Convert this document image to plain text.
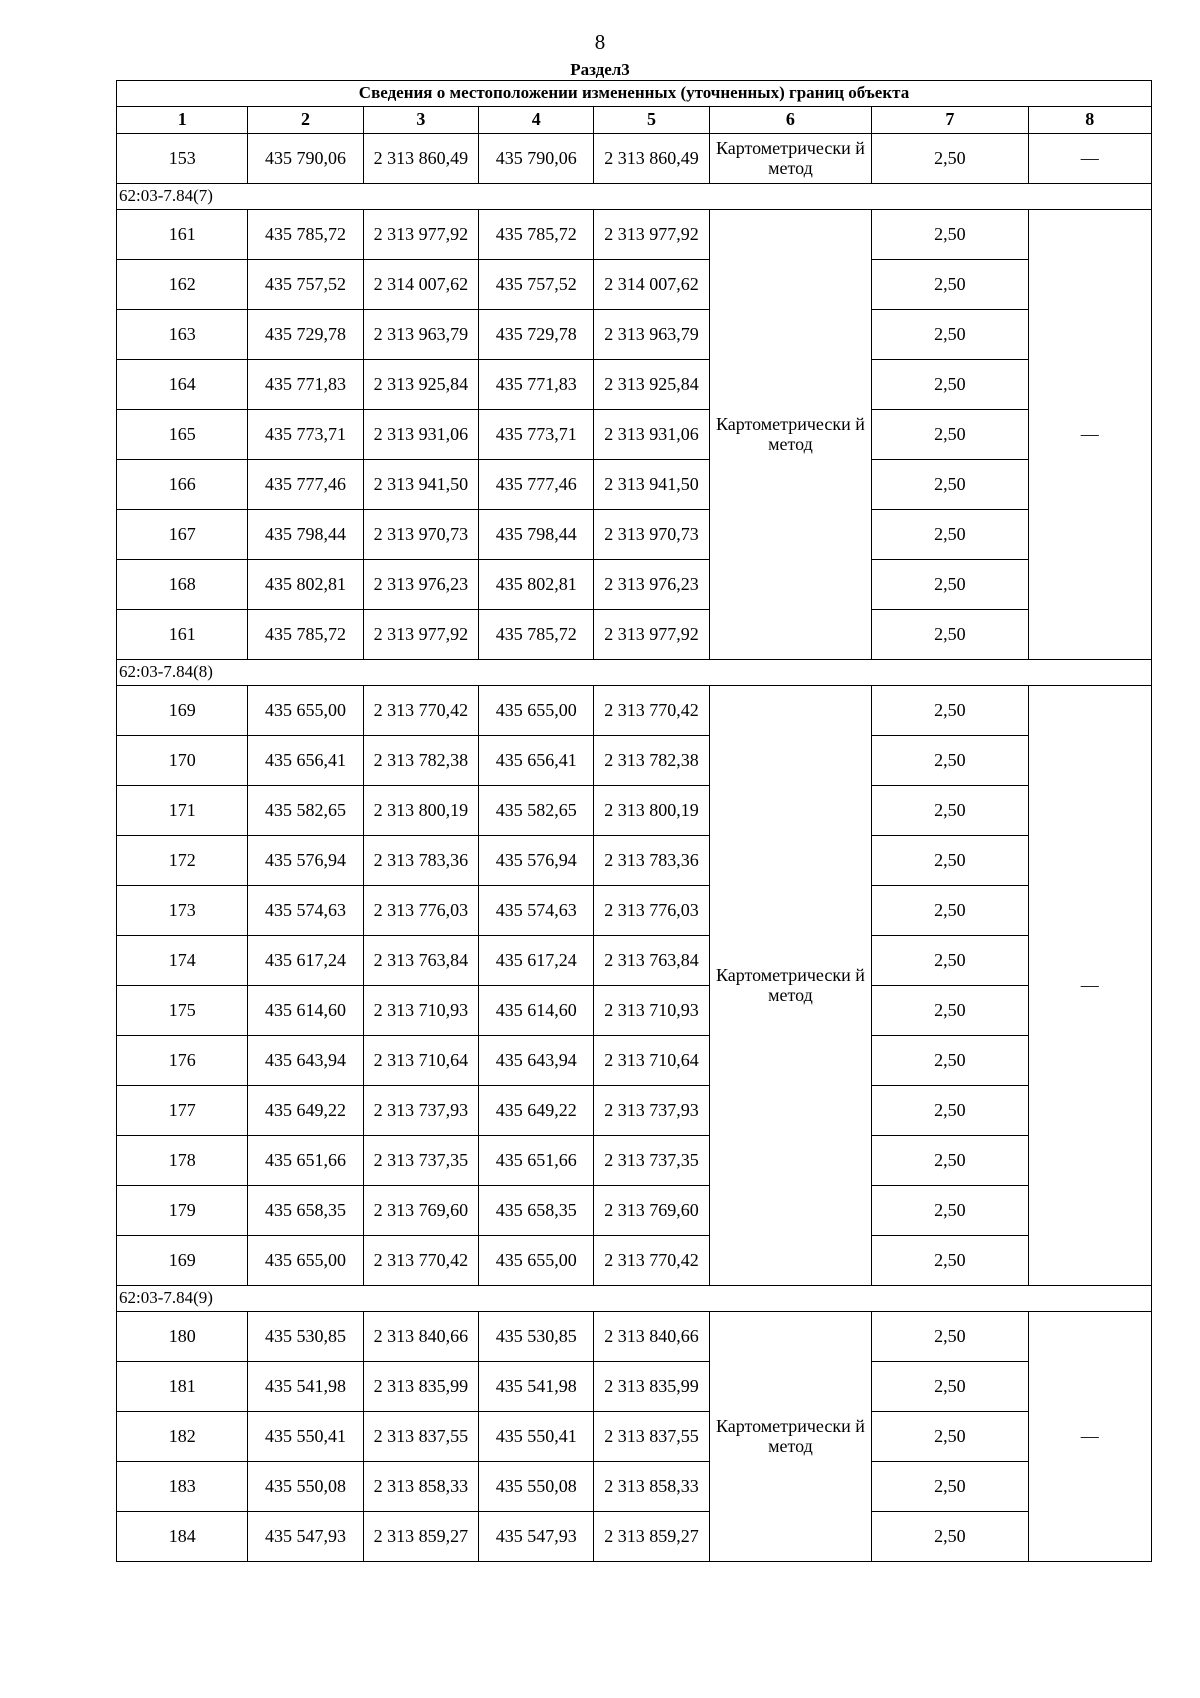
8
Раздел3
Сведения о местоположении измененных (уточненных) границ объекта							
1	2	3	4	5	6	7	8
153	435 790,06	2 313 860,49	435 790,06	2 313 860,49	Картометрически й метод	2,50	—
62:03-7.84(7)							
161	435 785,72	2 313 977,92	435 785,72	2 313 977,92	Картометрически й метод	2,50	—
162	435 757,52	2 314 007,62	435 757,52	2 314 007,62		2,50	
163	435 729,78	2 313 963,79	435 729,78	2 313 963,79		2,50	
164	435 771,83	2 313 925,84	435 771,83	2 313 925,84		2,50	
165	435 773,71	2 313 931,06	435 773,71	2 313 931,06		2,50	
166	435 777,46	2 313 941,50	435 777,46	2 313 941,50		2,50	
167	435 798,44	2 313 970,73	435 798,44	2 313 970,73		2,50	
168	435 802,81	2 313 976,23	435 802,81	2 313 976,23		2,50	
161	435 785,72	2 313 977,92	435 785,72	2 313 977,92		2,50	
62:03-7.84(8)							
169	435 655,00	2 313 770,42	435 655,00	2 313 770,42	Картометрически й метод	2,50	—
170	435 656,41	2 313 782,38	435 656,41	2 313 782,38		2,50	
171	435 582,65	2 313 800,19	435 582,65	2 313 800,19		2,50	
172	435 576,94	2 313 783,36	435 576,94	2 313 783,36		2,50	
173	435 574,63	2 313 776,03	435 574,63	2 313 776,03		2,50	
174	435 617,24	2 313 763,84	435 617,24	2 313 763,84		2,50	
175	435 614,60	2 313 710,93	435 614,60	2 313 710,93		2,50	
176	435 643,94	2 313 710,64	435 643,94	2 313 710,64		2,50	
177	435 649,22	2 313 737,93	435 649,22	2 313 737,93		2,50	
178	435 651,66	2 313 737,35	435 651,66	2 313 737,35		2,50	
179	435 658,35	2 313 769,60	435 658,35	2 313 769,60		2,50	
169	435 655,00	2 313 770,42	435 655,00	2 313 770,42		2,50	
62:03-7.84(9)							
180	435 530,85	2 313 840,66	435 530,85	2 313 840,66	Картометрически й метод	2,50	—
181	435 541,98	2 313 835,99	435 541,98	2 313 835,99		2,50	
182	435 550,41	2 313 837,55	435 550,41	2 313 837,55		2,50	
183	435 550,08	2 313 858,33	435 550,08	2 313 858,33		2,50	
184	435 547,93	2 313 859,27	435 547,93	2 313 859,27		2,50	
